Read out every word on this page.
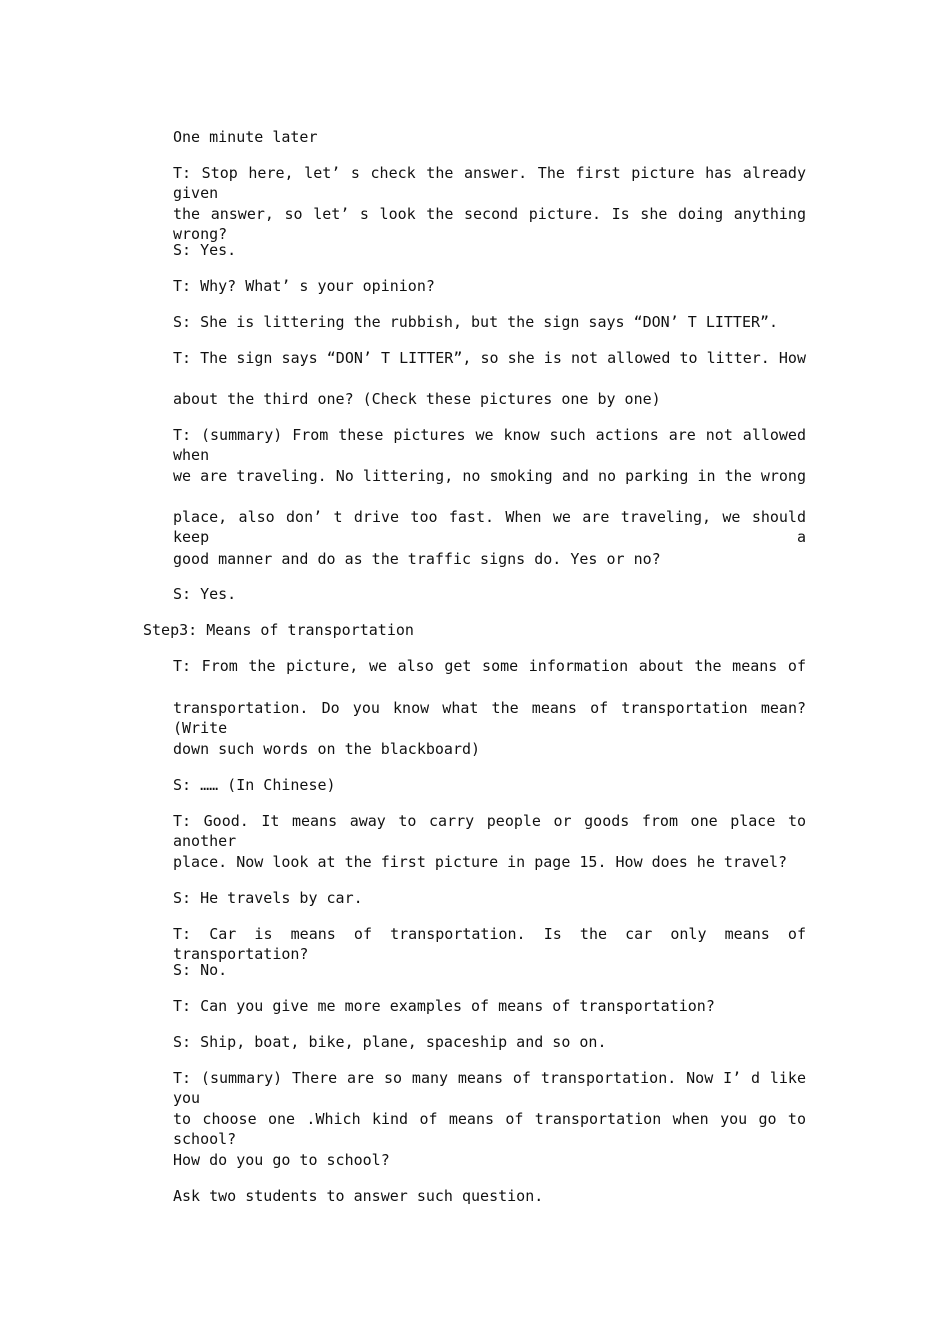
One minute later
T: Stop here, let’ s check the answer. The first picture has already given
the answer, so let’ s look the second picture. Is she doing anything wrong?
S: Yes.
T: Why? What’ s your opinion?
S: She is littering the rubbish, but the sign says “DON’ T LITTER”.
T: The sign says “DON’ T LITTER”, so she is not allowed to litter. How
about the third one? (Check these pictures one by one)
T: (summary) From these pictures we know such actions are not allowed when
we are traveling. No littering, no smoking and no parking in the wrong
place, also don’ t drive too fast. When we are traveling, we should keep a
good manner and do as the traffic signs do. Yes or no?
S: Yes.
Step3: Means of transportation
T: From the picture, we also get some information about the means of
transportation. Do you know what the means of transportation mean? (Write
down such words on the blackboard)
S: …… (In Chinese)
T: Good. It means away to carry people or goods from one place to another
place. Now look at the first picture in page 15. How does he travel?
S: He travels by car.
T: Car is means of transportation. Is the car only means of transportation?
S: No.
T: Can you give me more examples of means of transportation?
S: Ship, boat, bike, plane, spaceship and so on.
T: (summary) There are so many means of transportation. Now I’ d like you
to choose one .Which kind of means of transportation when you go to school?
How do you go to school?
Ask two students to answer such question.
